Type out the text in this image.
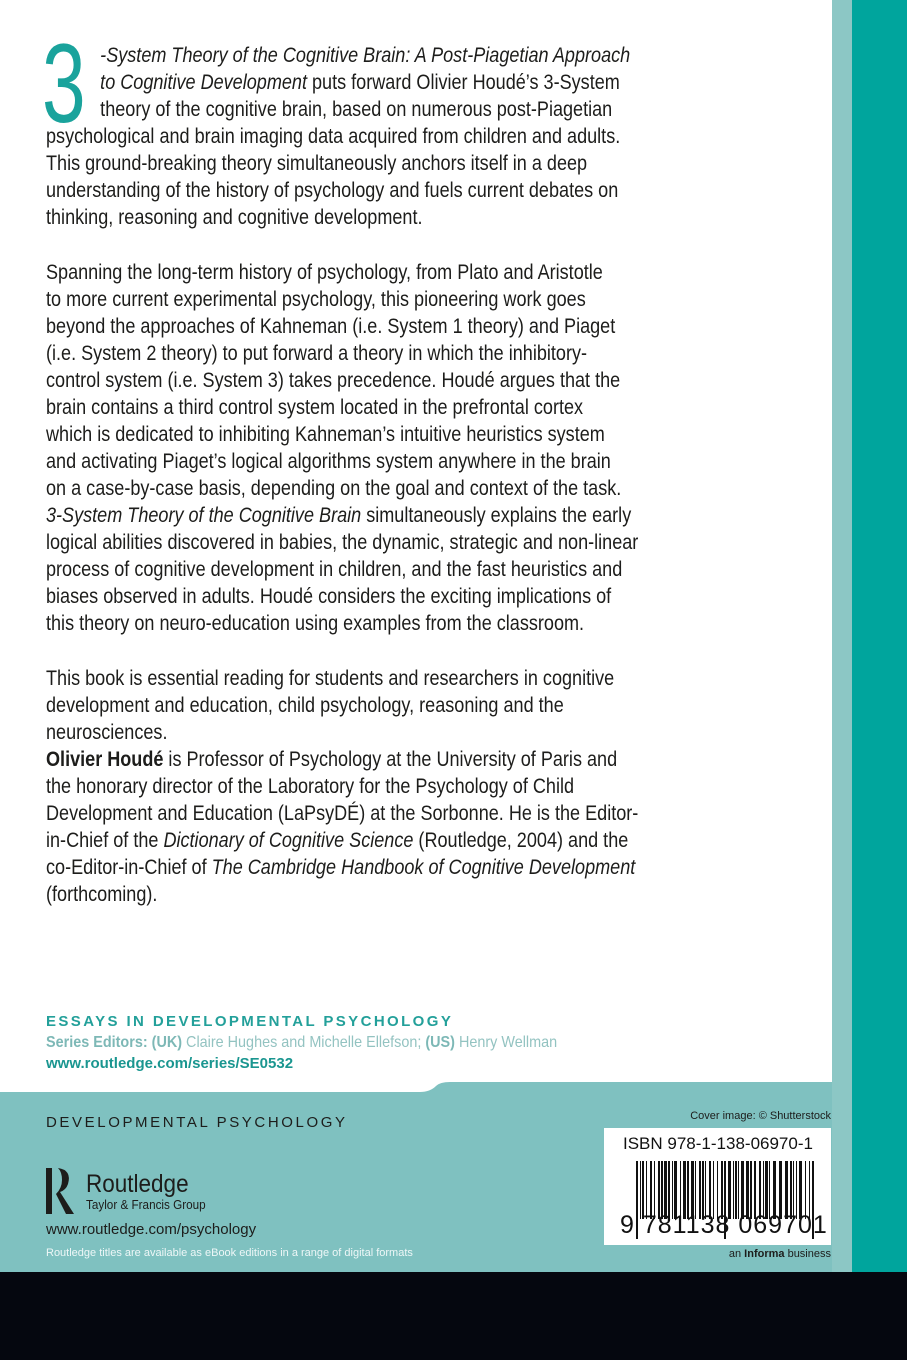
3 -System Theory of the Cognitive Brain: A Post-Piagetian Approach
to Cognitive Development puts forward Olivier Houdé’s 3-System
theory of the cognitive brain, based on numerous post-Piagetian
psychological and brain imaging data acquired from children and adults.
This ground-breaking theory simultaneously anchors itself in a deep
understanding of the history of psychology and fuels current debates on
thinking, reasoning and cognitive development.
Spanning the long-term history of psychology, from Plato and Aristotle
to more current experimental psychology, this pioneering work goes
beyond the approaches of Kahneman (i.e. System 1 theory) and Piaget
(i.e. System 2 theory) to put forward a theory in which the inhibitory-
control system (i.e. System 3) takes precedence. Houdé argues that the
brain contains a third control system located in the prefrontal cortex
which is dedicated to inhibiting Kahneman’s intuitive heuristics system
and activating Piaget’s logical algorithms system anywhere in the brain
on a case-by-case basis, depending on the goal and context of the task.
3-System Theory of the Cognitive Brain simultaneously explains the early
logical abilities discovered in babies, the dynamic, strategic and non-linear
process of cognitive development in children, and the fast heuristics and
biases observed in adults. Houdé considers the exciting implications of
this theory on neuro-education using examples from the classroom.
This book is essential reading for students and researchers in cognitive
development and education, child psychology, reasoning and the
neurosciences.
Olivier Houdé is Professor of Psychology at the University of Paris and
the honorary director of the Laboratory for the Psychology of Child
Development and Education (LaPsyDÉ) at the Sorbonne. He is the Editor-
in-Chief of the Dictionary of Cognitive Science (Routledge, 2004) and the
co-Editor-in-Chief of The Cambridge Handbook of Cognitive Development
(forthcoming).
ESSAYS IN DEVELOPMENTAL PSYCHOLOGY
Series Editors: (UK) Claire Hughes and Michelle Ellefson; (US) Henry Wellman
www.routledge.com/series/SE0532
DEVELOPMENTAL PSYCHOLOGY
Routledge
Taylor & Francis Group
www.routledge.com/psychology
Routledge titles are available as eBook editions in a range of digital formats
Cover image: © Shutterstock
ISBN 978-1-138-06970-1
9 781138 069701
an Informa business
